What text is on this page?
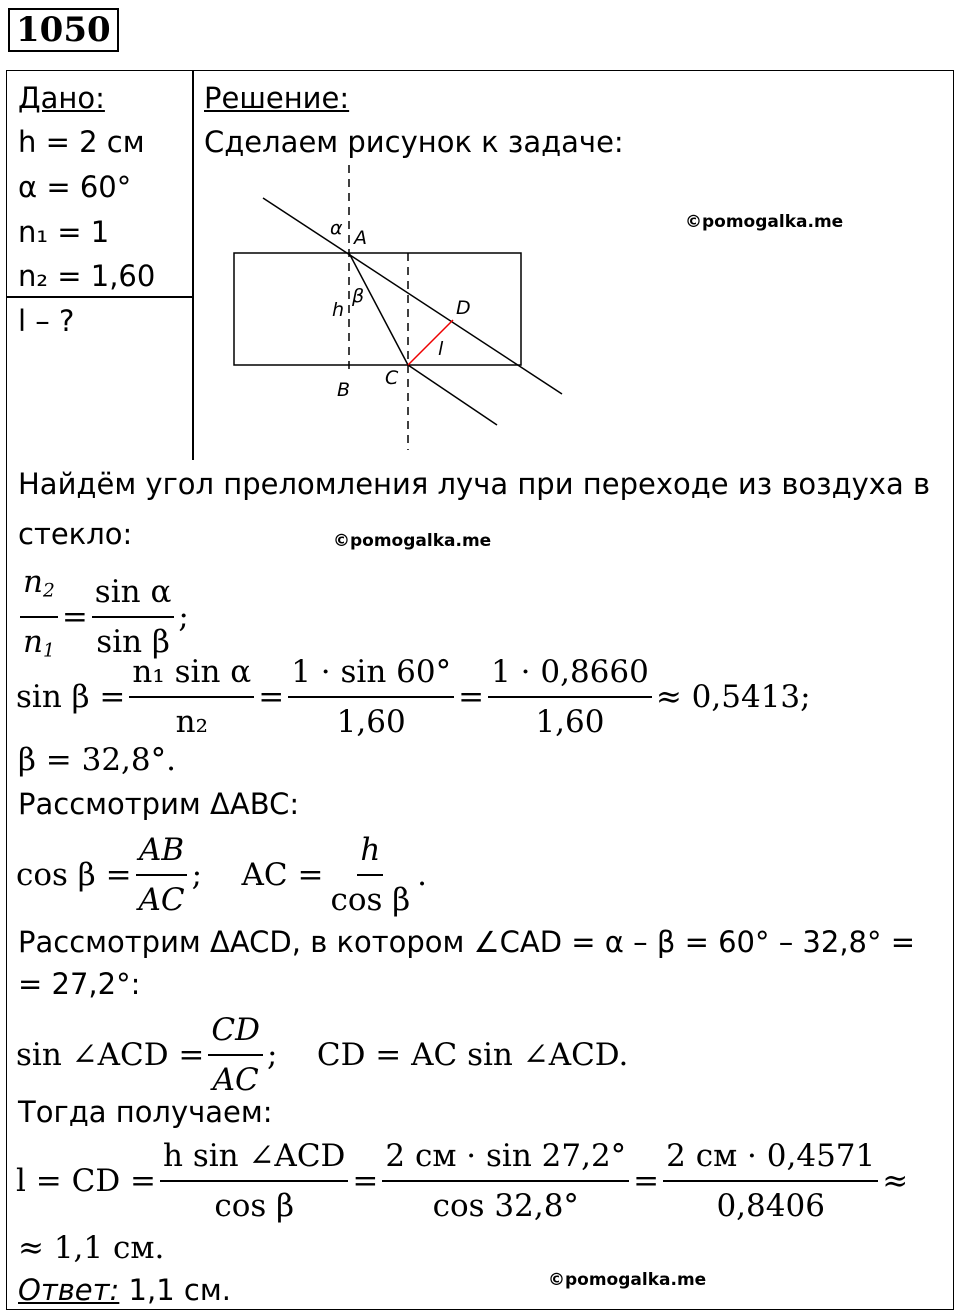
1050
Дано:
h = 2 см
α = 60°
n₁ = 1
n₂ = 1,60
l – ?
Решение:
Сделаем рисунок к задаче:
α A
β
h	D
l
B
C
©pomogalka.me
Найдём угол преломления луча при переходе из воздуха в
стекло:	©pomogalka.me
$\frac{n_2}{n_1} = \frac{\text{sin α}}{\text{sin β}}$ ;
$\sin \beta = \frac{\text{n₁ sin α}}{\text{n₂}} = \frac{1 \cdot \sin 60^\circ}{1,60} = \frac{1 \cdot 0,8660}{1,60} \approx 0,5413$;
β = 32,8°.
Рассмотрим ΔABC:
$\cos \beta = \frac{AB}{AC}$ ;    AC = $\frac{h}{\text{cos β}}$ .
Рассмотрим ΔACD, в котором ∠CAD = α – β = 60° – 32,8° =
= 27,2°:
sin ∠ACD = $\frac{CD}{AC}$ ;    CD = AC sin ∠ACD.
Тогда получаем:
l = CD = $\frac{\text{h sin ∠ACD}}{\text{cos β}} = \frac{2 см \cdot \sin 27,2^\circ}{\cos 32,8^\circ} = \frac{2 см \cdot 0,4571}{0,8406}$ ≈
≈ 1,1 см.
Ответ: 1,1 см.	©pomogalka.me
